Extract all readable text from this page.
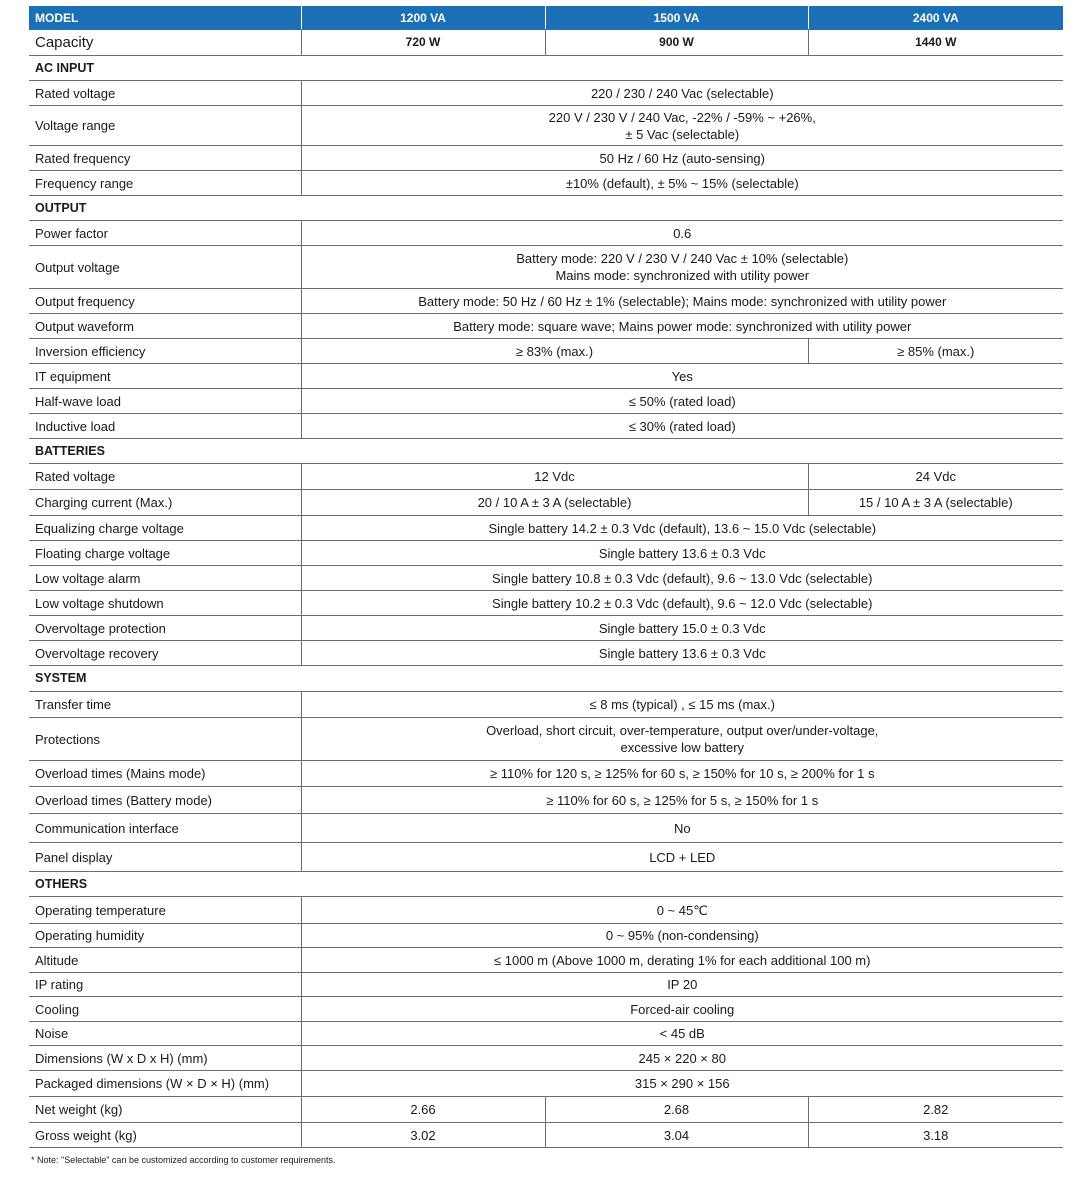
MODEL	1200 VA	1500 VA	2400 VA
Capacity	720 W	900 W	1440 W
AC INPUT			
Rated voltage	220 / 230 / 240 Vac (selectable)		
Voltage range	220 V / 230 V / 240 Vac, -22% / -59% ~ +26%,
± 5 Vac (selectable)		

Rated frequency	50 Hz / 60 Hz (auto-sensing)		
Frequency range	±10% (default), ± 5% ~ 15% (selectable)		
OUTPUT			
Power factor	0.6		
Output voltage	Battery mode: 220 V / 230 V / 240 Vac ± 10% (selectable)
Mains mode: synchronized with utility power		

Output frequency	Battery mode: 50 Hz / 60 Hz ± 1% (selectable); Mains mode: synchronized with utility power		
Output waveform	Battery mode: square wave; Mains power mode: synchronized with utility power		
Inversion efficiency	≥ 83% (max.)		≥ 85% (max.)
IT equipment	Yes		
Half-wave load	≤ 50% (rated load)		
Inductive load	≤ 30% (rated load)		
BATTERIES			
Rated voltage	12 Vdc		24 Vdc
Charging current (Max.)	20 / 10 A ± 3 A (selectable)		15 / 10 A ± 3 A (selectable)
Equalizing charge voltage	Single battery 14.2 ± 0.3 Vdc (default), 13.6 ~ 15.0 Vdc (selectable)		
Floating charge voltage	Single battery 13.6 ± 0.3 Vdc		
Low voltage alarm	Single battery 10.8 ± 0.3 Vdc (default), 9.6 ~ 13.0 Vdc (selectable)		
Low voltage shutdown	Single battery 10.2 ± 0.3 Vdc (default), 9.6 ~ 12.0 Vdc (selectable)		
Overvoltage protection	Single battery 15.0 ± 0.3 Vdc		
Overvoltage recovery	Single battery 13.6 ± 0.3 Vdc		
SYSTEM			
Transfer time	≤ 8 ms (typical) , ≤ 15 ms (max.)		
Protections	Overload, short circuit, over-temperature, output over/under-voltage,
excessive low battery		

Overload times (Mains mode)	≥ 110% for 120 s, ≥ 125% for 60 s, ≥ 150% for 10 s, ≥ 200% for 1 s		
Overload times (Battery mode)	≥ 110% for 60 s, ≥ 125% for 5 s, ≥ 150% for 1 s		
Communication interface	No		
Panel display	LCD + LED		
OTHERS			
Operating temperature	0 ~ 45℃		
Operating humidity	0 ~ 95% (non-condensing)		
Altitude	≤ 1000 m (Above 1000 m, derating 1% for each additional 100 m)		
IP rating	IP 20		
Cooling	Forced-air cooling		
Noise	< 45 dB		
Dimensions (W x D x H) (mm)	245 × 220 × 80		
Packaged dimensions (W × D × H) (mm)	315 × 290 × 156		
Net weight (kg)	2.66	2.68	2.82
Gross weight (kg)	3.02	3.04	3.18
* Note: "Selectable" can be customized according to customer requirements.
